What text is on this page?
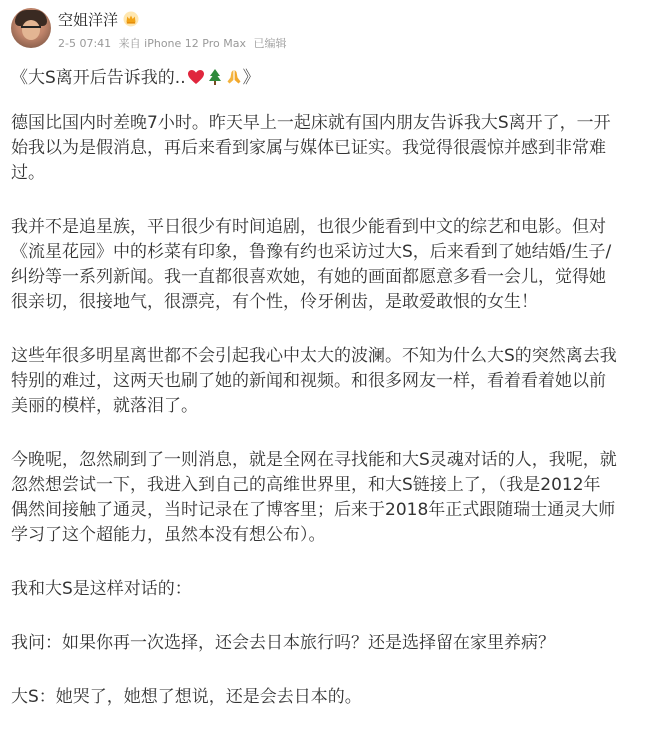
空姐洋洋
2-5 07:41 来自 iPhone 12 Pro Max 已编辑

《大S离开后告诉我的..	》

德国比国内时差晚7小时。昨天早上一起床就有国内朋友告诉我大S离开了，一开
始我以为是假消息，再后来看到家属与媒体已证实。我觉得很震惊并感到非常难
过。

我并不是追星族，平日很少有时间追剧，也很少能看到中文的综艺和电影。但对
《流星花园》中的杉菜有印象，鲁豫有约也采访过大S，后来看到了她结婚/生子/
纠纷等一系列新闻。我一直都很喜欢她，有她的画面都愿意多看一会儿，觉得她
很亲切，很接地气，很漂亮，有个性，伶牙俐齿，是敢爱敢恨的女生！

这些年很多明星离世都不会引起我心中太大的波澜。不知为什么大S的突然离去我
特别的难过，这两天也刷了她的新闻和视频。和很多网友一样，看着看着她以前
美丽的模样，就落泪了。

今晚呢，忽然刷到了一则消息，就是全网在寻找能和大S灵魂对话的人，我呢，就
忽然想尝试一下，我进入到自己的高维世界里，和大S链接上了，（我是2012年
偶然间接触了通灵，当时记录在了博客里；后来于2018年正式跟随瑞士通灵大师
学习了这个超能力，虽然本没有想公布）。

我和大S是这样对话的：

我问：如果你再一次选择，还会去日本旅行吗？还是选择留在家里养病？

大S：她哭了，她想了想说，还是会去日本的。
